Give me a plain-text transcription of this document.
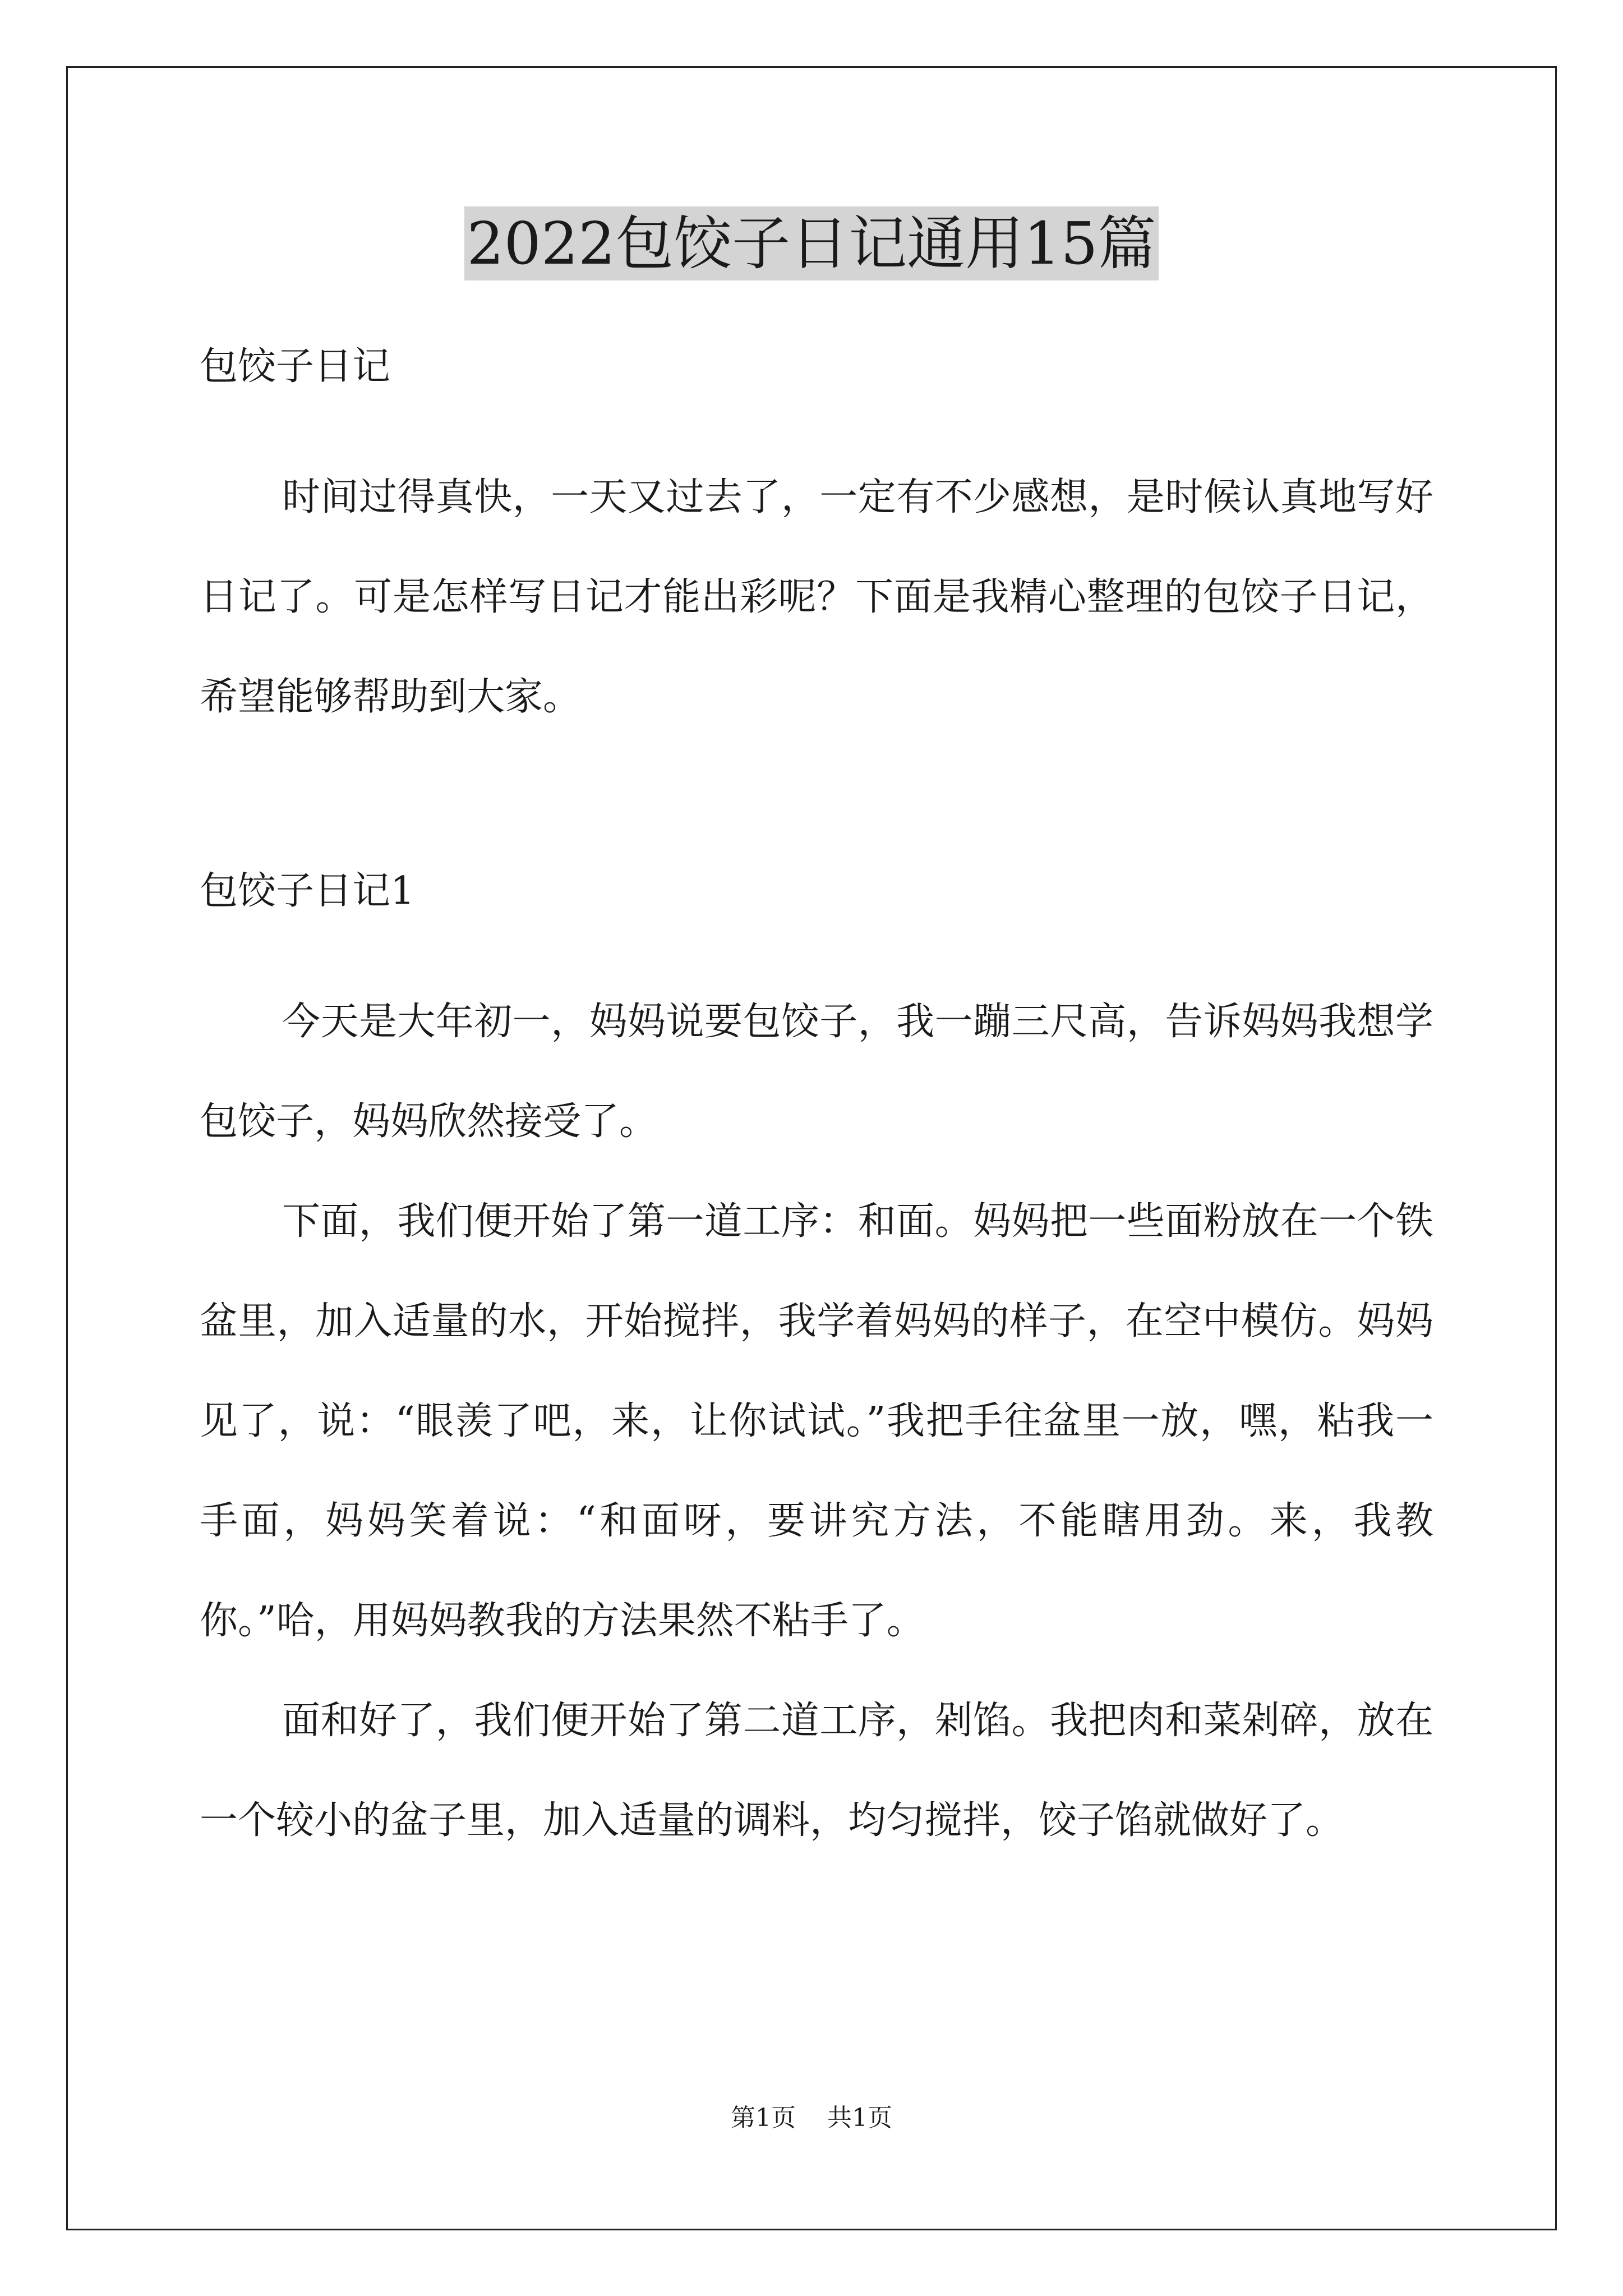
2022包饺子日记通用15篇
包饺子日记

时间过得真快，一天又过去了，一定有不少感想，是时候认真地写好日记了。可是怎样写日记才能出彩呢？下面是我精心整理的包饺子日记，希望能够帮助到大家。

包饺子日记1

今天是大年初一，妈妈说要包饺子，我一蹦三尺高，告诉妈妈我想学包饺子，妈妈欣然接受了。

下面，我们便开始了第一道工序：和面。妈妈把一些面粉放在一个铁盆里，加入适量的水，开始搅拌，我学着妈妈的样子，在空中模仿。妈妈见了，说：“眼羡了吧，来，让你试试。”我把手往盆里一放，嘿，粘我一手面，妈妈笑着说：“和面呀，要讲究方法，不能瞎用劲。来，我教你。”哈，用妈妈教我的方法果然不粘手了。

面和好了，我们便开始了第二道工序，剁馅。我把肉和菜剁碎，放在一个较小的盆子里，加入适量的调料，均匀搅拌，饺子馅就做好了。

第1页 共1页
